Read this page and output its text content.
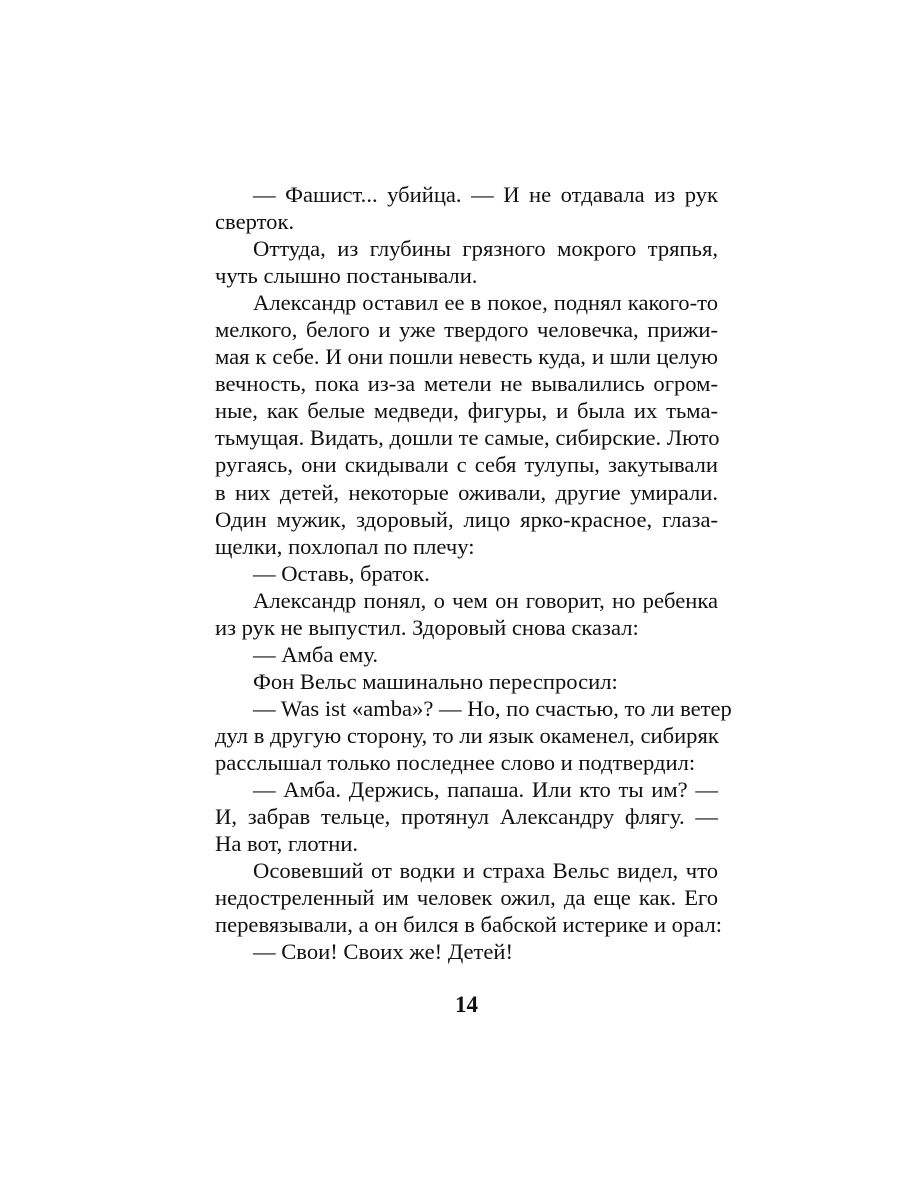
— Фашист... убийца. — И не отдавала из рук
сверток.
Оттуда, из глубины грязного мокрого тряпья,
чуть слышно постанывали.
Александр оставил ее в покое, поднял какого-то
мелкого, белого и уже твердого человечка, прижи-
мая к себе. И они пошли невесть куда, и шли целую
вечность, пока из-за метели не вывалились огром-
ные, как белые медведи, фигуры, и была их тьма-
тьмущая. Видать, дошли те самые, сибирские. Люто
ругаясь, они скидывали с себя тулупы, закутывали
в них детей, некоторые оживали, другие умирали.
Один мужик, здоровый, лицо ярко-красное, глаза-
щелки, похлопал по плечу:
— Оставь, браток.
Александр понял, о чем он говорит, но ребенка
из рук не выпустил. Здоровый снова сказал:
— Амба ему.
Фон Вельс машинально переспросил:
— Was ist «amba»? — Но, по счастью, то ли ветер
дул в другую сторону, то ли язык окаменел, сибиряк
расслышал только последнее слово и подтвердил:
— Амба. Держись, папаша. Или кто ты им? —
И, забрав тельце, протянул Александру флягу. —
На вот, глотни.
Осовевший от водки и страха Вельс видел, что
недостреленный им человек ожил, да еще как. Его
перевязывали, а он бился в бабской истерике и орал:
— Свои! Своих же! Детей!
14
